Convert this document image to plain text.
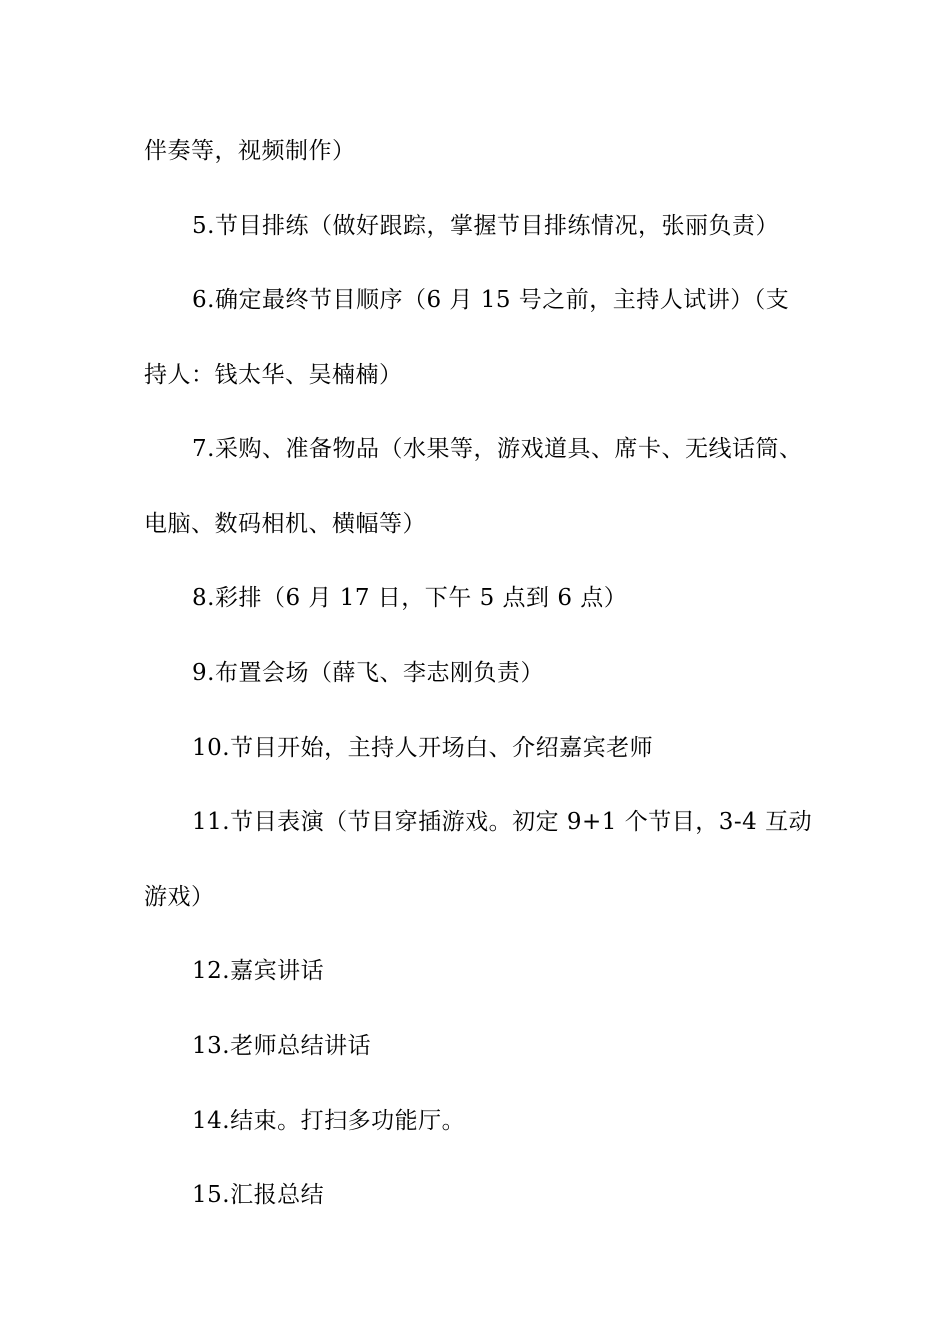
伴奏等，视频制作）
5.节目排练（做好跟踪，掌握节目排练情况，张丽负责）
6.确定最终节目顺序（6 月 15 号之前，主持人试讲）（支
持人：钱太华、吴楠楠）
7.采购、准备物品（水果等，游戏道具、席卡、无线话筒、
电脑、数码相机、横幅等）
8.彩排（6 月 17 日，下午 5 点到 6 点）
9.布置会场（薛飞、李志刚负责）
10.节目开始，主持人开场白、介绍嘉宾老师
11.节目表演（节目穿插游戏。初定 9+1 个节目，3-4 互动
游戏）
12.嘉宾讲话
13.老师总结讲话
14.结束。打扫多功能厅。
15.汇报总结
